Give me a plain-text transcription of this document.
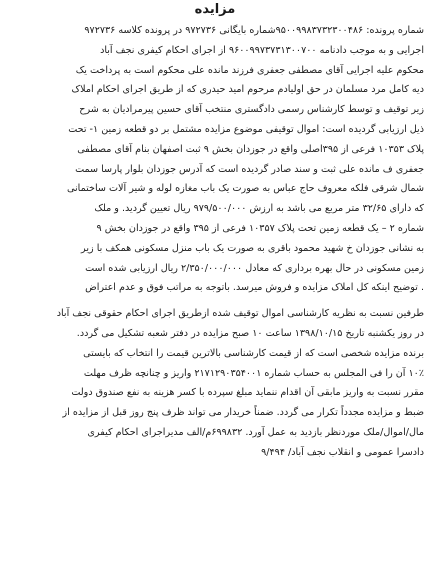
مزایده
شماره پرونده: ۹۵۰۰۹۹۸۳۷۳۲۳۰۰۴۸۶شماره بایگانی ۹۷۲۷۳۶ در پرونده کلاسه ۹۷۲۷۳۶
اجرایی و به موجب دادنامه ۹۶۰۰۹۹۷۳۷۳۱۳۰۰۷۰۰ از اجرای احکام کیفری نجف آباد
محکوم علیه اجرایی آقای مصطفی جعفری فرزند مانده علی محکوم است به پرداخت یک
دیه کامل مرد مسلمان در حق اولیادم مرحوم امید حیدری که از طریق اجرای احکام املاک
زیر توقیف و توسط کارشناس رسمی دادگستری منتخب آقای حسین پیرمرادیان به شرح
ذیل ارزیابی گردیده است: اموال توقیفی موضوع مزایده مشتمل بر دو قطعه زمین ۱- تحت
پلاک ۱۰۳۵۳ فرعی از ۳۹۵اصلی واقع در جوزدان بخش ۹ ثبت اصفهان بنام آقای مصطفی
جعفری ف مانده علی ثبت و سند صادر گردیده است که آدرس جوزدان بلوار پارسا سمت
شمال شرقی فلکه معروف حاج عباس به صورت یک باب مغازه لوله و شیر آلات ساختمانی
که دارای ۳۲/۶۵ متر مربع می باشد به ارزش ۹۷۹/۵۰۰/۰۰۰ ریال تعیین گردید. و ملک
شماره ۲ – یک قطعه زمین تحت پلاک ۱۰۳۵۷ فرعی از ۳۹۵ واقع در جوزدان بخش ۹
به نشانی جوزدان خ شهید محمود باقری به صورت یک باب منزل مسکونی همکف با زیر
زمین مسکونی در حال بهره برداری که معادل ۲/۳۵۰/۰۰۰/۰۰۰ ریال ارزیابی شده است
. توضیح اینکه کل املاک مزایده و فروش میرسد. باتوجه به مراتب فوق و عدم اعتراض
طرفین نسبت به نظریه کارشناسی اموال توقیف شده ازطریق اجرای احکام حقوقی نجف آباد
در روز یکشنبه تاریخ ۱۳۹۸/۱۰/۱۵ ساعت ۱۰ صبح مزایده در دفتر شعبه تشکیل می گردد.
برنده مزایده شخصی است که از قیمت کارشناسی بالاترین قیمت را انتخاب که بایستی
۱۰٪ آن را فی المجلس به حساب شماره ۲۱۷۱۲۹۰۳۵۴۰۰۱ واریز و چنانچه ظرف مهلت
مقرر نسبت به واریز مابقی آن اقدام ننماید مبلغ سپرده با کسر هزینه به نفع صندوق دولت
ضبط و مزایده مجدداً تکرار می گردد. ضمناً خریدار می تواند ظرف پنج روز قبل از مزایده از
مال/اموال/ملک موردنظر بازدید به عمل آورد. ۶۹۹۸۳۲م/الف مدیراجرای احکام کیفری
دادسرا عمومی و انقلاب نجف آباد/ ۹/۴۹۴
